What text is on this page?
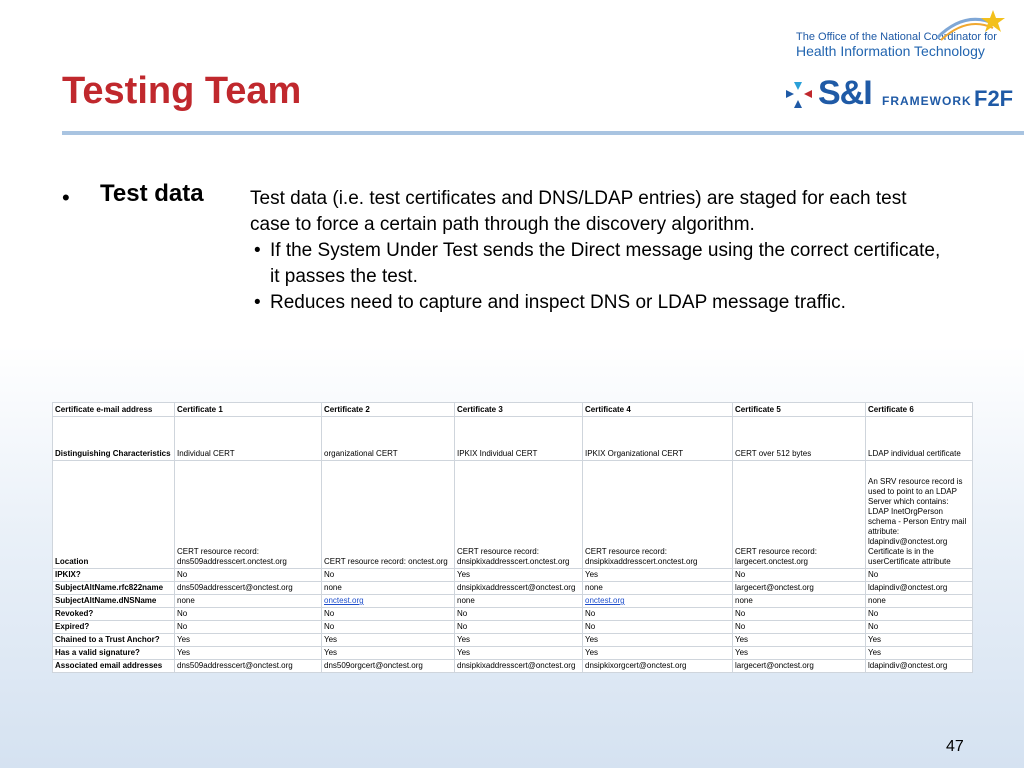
Testing Team
The Office of the National Coordinator for
Health Information Technology
S&I FRAMEWORK F2F
• Test data Test data (i.e. test certificates and DNS/LDAP entries) are staged for each test case to force a certain path through the discovery algorithm.

• If the System Under Test sends the Direct message using the correct certificate, it passes the test.

• Reduces need to capture and inspect DNS or LDAP message traffic.

Certificate e-mail address	Certificate 1	Certificate 2	Certificate 3	Certificate 4	Certificate 5	Certificate 6
Distinguishing Characteristics	Individual CERT	organizational CERT	IPKIX Individual CERT	IPKIX Organizational CERT	CERT over 512 bytes	LDAP individual certificate
Location	CERT resource record: dns509addresscert.onctest.org	CERT resource record: onctest.org	CERT resource record: dnsipkixaddresscert.onctest.org	CERT resource record: dnsipkixaddresscert.onctest.org	CERT resource record: largecert.onctest.org	An SRV resource record is used to point to an LDAP Server which contains: LDAP InetOrgPerson schema - Person Entry mail attribute: ldapindiv@onctest.org Certificate is in the userCertificate attribute
IPKIX?	No	No	Yes	Yes	No	No
SubjectAltName.rfc822name	dns509addresscert@onctest.org	none	dnsipkixaddresscert@onctest.org	none	largecert@onctest.org	ldapindiv@onctest.org
SubjectAltName.dNSName	none	onctest.org	none	onctest.org	none	none
Revoked?	No	No	No	No	No	No
Expired?	No	No	No	No	No	No
Chained to a Trust Anchor?	Yes	Yes	Yes	Yes	Yes	Yes
Has a valid signature?	Yes	Yes	Yes	Yes	Yes	Yes
Associated email addresses	dns509addresscert@onctest.org	dns509orgcert@onctest.org	dnsipkixaddresscert@onctest.org	dnsipkixorgcert@onctest.org	largecert@onctest.org	ldapindiv@onctest.org
47
